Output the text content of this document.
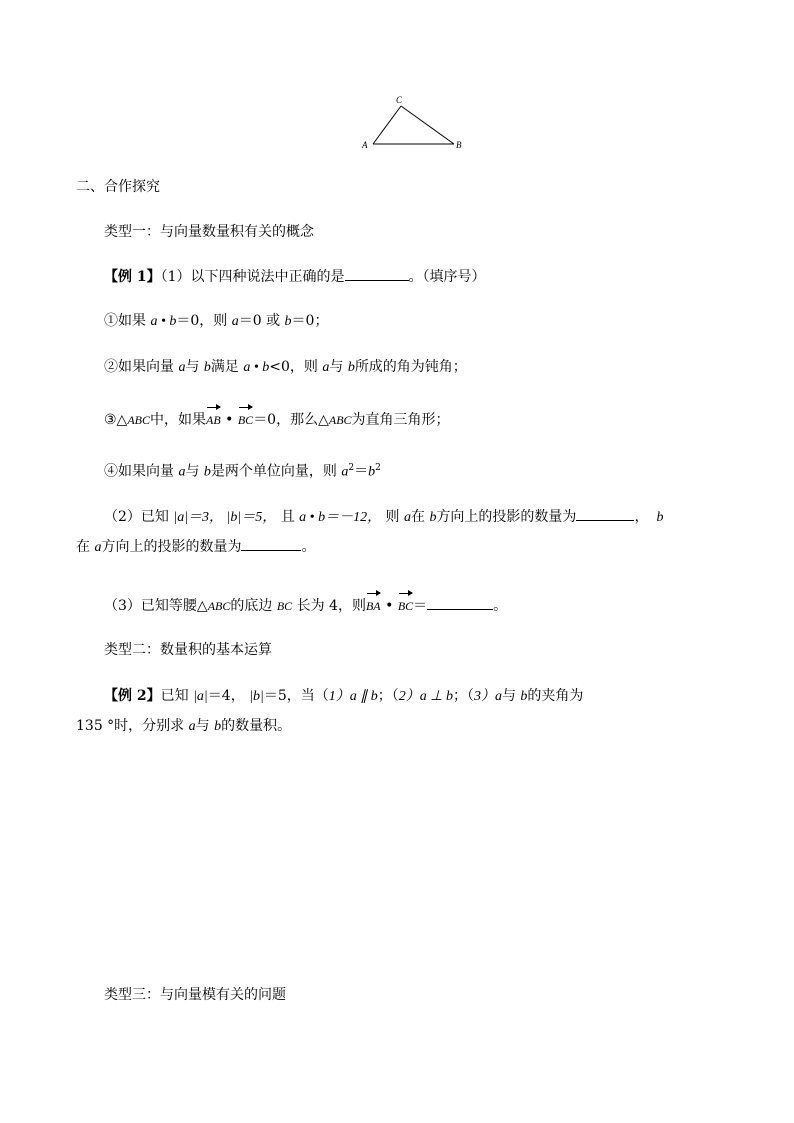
A	B
C
二、合作探究
类型一：与向量数量积有关的概念
【例 1】（1）以下四种说法中正确的是	。（填序号）
①如果 a • b＝0，则 a＝0 或 b＝0；
②如果向量 a与 b满足 a • b<0，则 a与 b所成的角为钝角；
③△ABC中，如果AB • BC＝0，那么△ABC为直角三角形；
④如果向量 a与 b是两个单位向量，则 $a^2=b^2$
（2）已知 |a|＝3， |b|＝5， 且 a • b＝－12， 则 a在 b方向上的投影的数量为	， b
在 a方向上的投影的数量为	。
（3）已知等腰△ABC的底边 BC 长为 4，则BA • BC＝	。
类型二：数量积的基本运算
【例 2】已知 |a|＝4， |b|＝5，当（1）a ∥ b；（2）a ⊥ b；（3）a与 b的夹角为
135 °时，分别求 a与 b的数量积。
类型三：与向量模有关的问题
